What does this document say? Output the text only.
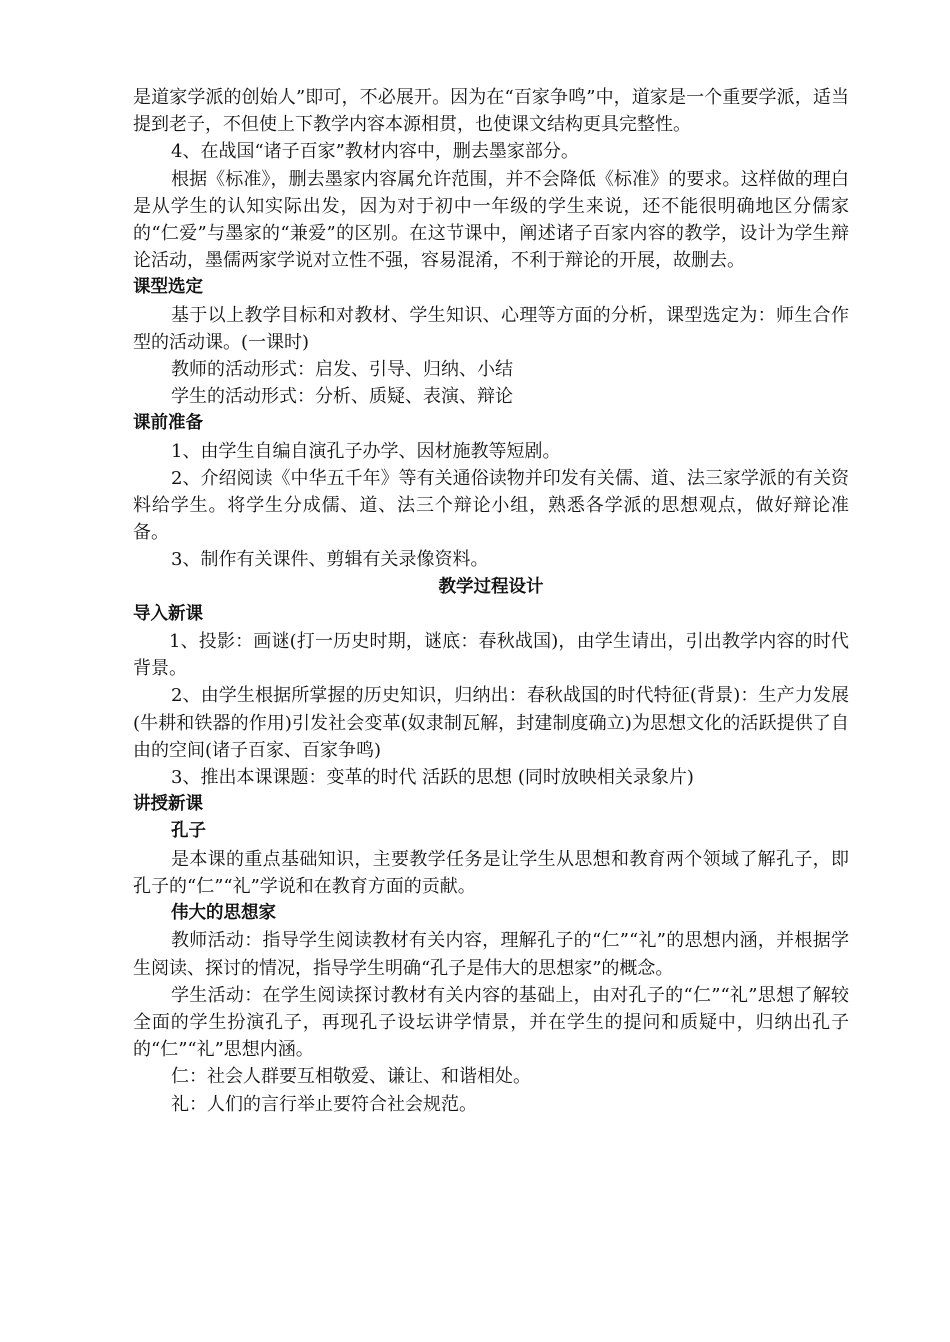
是道家学派的创始人”即可，不必展开。因为在“百家争鸣”中，道家是一个重要学派，适当提到老子，不但使上下教学内容本源相贯，也使课文结构更具完整性。

4、在战国“诸子百家”教材内容中，删去墨家部分。

根据《标准》，删去墨家内容属允许范围，并不会降低《标准》的要求。这样做的理白是从学生的认知实际出发，因为对于初中一年级的学生来说，还不能很明确地区分儒家的“仁爱”与墨家的“兼爱”的区别。在这节课中，阐述诸子百家内容的教学，设计为学生辩论活动，墨儒两家学说对立性不强，容易混淆，不利于辩论的开展，故删去。

课型选定

基于以上教学目标和对教材、学生知识、心理等方面的分析，课型选定为：师生合作型的活动课。(一课时)

教师的活动形式：启发、引导、归纳、小结

学生的活动形式：分析、质疑、表演、辩论

课前准备

1、由学生自编自演孔子办学、因材施教等短剧。

2、介绍阅读《中华五千年》等有关通俗读物并印发有关儒、道、法三家学派的有关资料给学生。将学生分成儒、道、法三个辩论小组，熟悉各学派的思想观点，做好辩论准备。

3、制作有关课件、剪辑有关录像资料。

教学过程设计

导入新课

1、投影：画谜(打一历史时期，谜底：春秋战国)，由学生请出，引出教学内容的时代背景。

2、由学生根据所掌握的历史知识，归纳出：春秋战国的时代特征(背景)：生产力发展(牛耕和铁器的作用)引发社会变革(奴隶制瓦解，封建制度确立)为思想文化的活跃提供了自由的空间(诸子百家、百家争鸣)

3、推出本课课题：变革的时代 活跃的思想 (同时放映相关录象片)

讲授新课

孔子

是本课的重点基础知识，主要教学任务是让学生从思想和教育两个领域了解孔子，即孔子的“仁”“礼”学说和在教育方面的贡献。

伟大的思想家

教师活动：指导学生阅读教材有关内容，理解孔子的“仁”“礼”的思想内涵，并根据学生阅读、探讨的情况，指导学生明确“孔子是伟大的思想家”的概念。

学生活动：在学生阅读探讨教材有关内容的基础上，由对孔子的“仁”“礼”思想了解较全面的学生扮演孔子，再现孔子设坛讲学情景，并在学生的提问和质疑中，归纳出孔子的“仁”“礼”思想内涵。

仁：社会人群要互相敬爱、谦让、和谐相处。

礼：人们的言行举止要符合社会规范。
